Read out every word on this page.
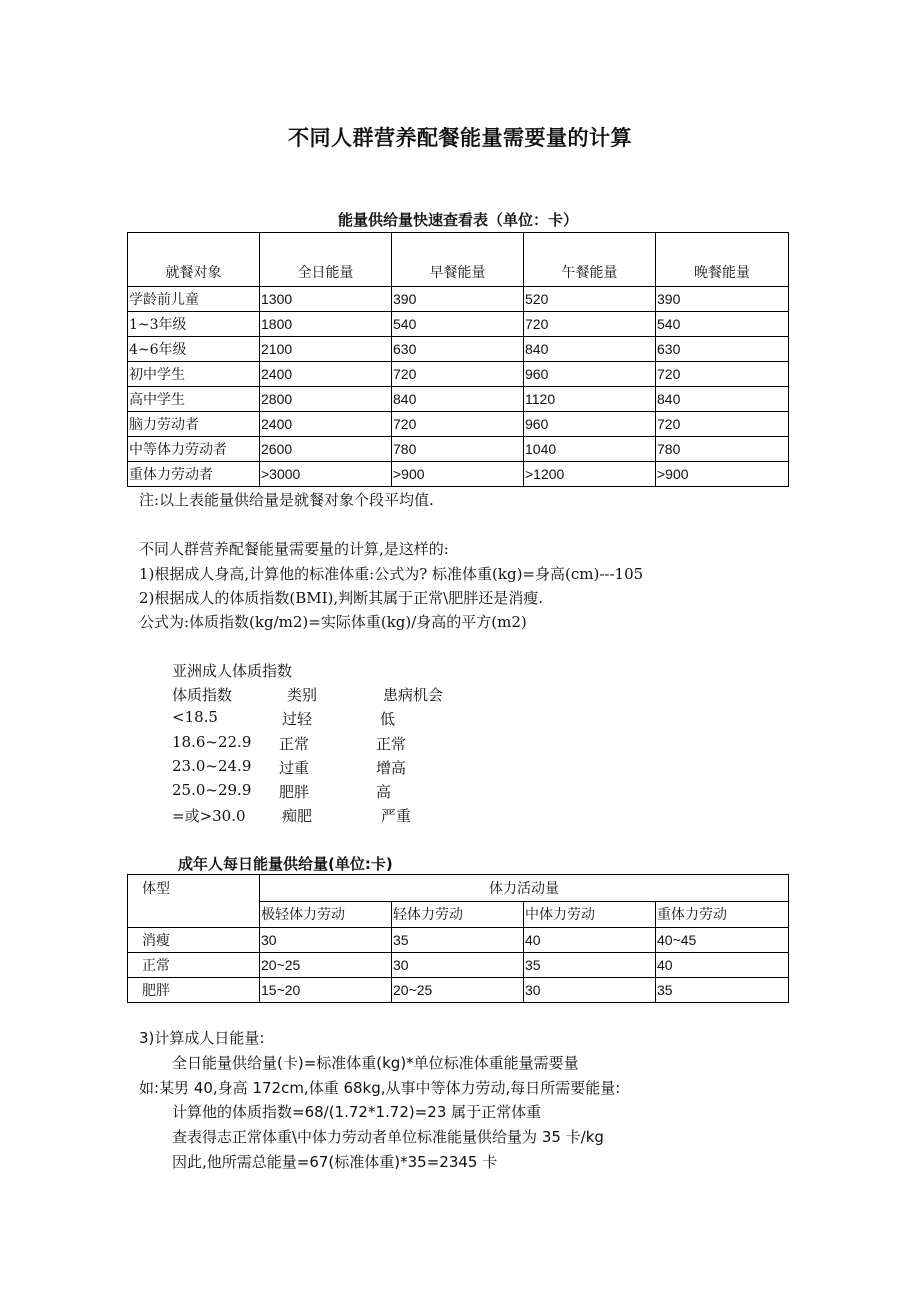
不同人群营养配餐能量需要量的计算
能量供给量快速查看表（单位：卡）
就餐对象	全日能量	早餐能量	午餐能量	晚餐能量
学龄前儿童	1300	390	520	390
1~3年级	1800	540	720	540
4~6年级	2100	630	840	630
初中学生	2400	720	960	720
高中学生	2800	840	1120	840
脑力劳动者	2400	720	960	720
中等体力劳动者	2600	780	1040	780
重体力劳动者	>3000	>900	>1200	>900
注:以上表能量供给量是就餐对象个段平均值.
不同人群营养配餐能量需要量的计算,是这样的:
1)根据成人身高,计算他的标准体重:公式为? 标准体重(kg)=身高(cm)---105
2)根据成人的体质指数(BMI),判断其属于正常\肥胖还是消瘦.
公式为:体质指数(kg/m2)=实际体重(kg)/身高的平方(m2)
亚洲成人体质指数
体质指数	类别	患病机会
<18.5	过轻	低
18.6~22.9 正常	正常
23.0~24.9 过重	增高
25.0~29.9 肥胖	高
=或>30.0 痴肥	严重
成年人每日能量供给量(单位:卡)
体型	体力活动量			
	极轻体力劳动	轻体力劳动	中体力劳动	重体力劳动
消瘦	30	35	40	40~45
正常	20~25	30	35	40
肥胖	15~20	20~25	30	35
3)计算成人日能量:
全日能量供给量(卡)=标准体重(kg)*单位标准体重能量需要量
如:某男 40,身高 172cm,体重 68kg,从事中等体力劳动,每日所需要能量:
计算他的体质指数=68/(1.72*1.72)=23 属于正常体重
查表得志正常体重\中体力劳动者单位标准能量供给量为 35 卡/kg
因此,他所需总能量=67(标准体重)*35=2345 卡
